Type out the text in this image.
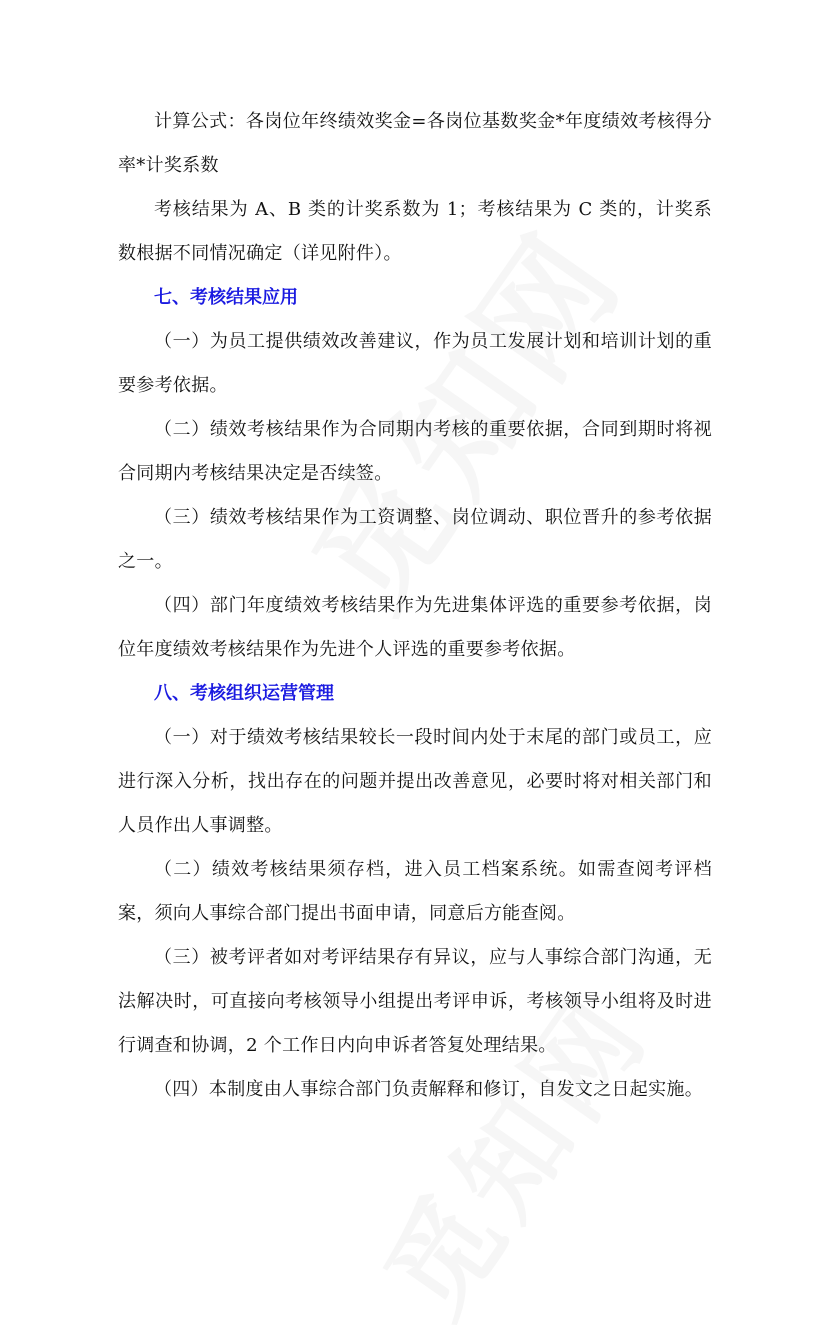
计算公式：各岗位年终绩效奖金=各岗位基数奖金*年度绩效考核得分率*计奖系数

考核结果为 A、B 类的计奖系数为 1；考核结果为 C 类的，计奖系数根据不同情况确定（详见附件）。

七、考核结果应用

（一）为员工提供绩效改善建议，作为员工发展计划和培训计划的重要参考依据。

（二）绩效考核结果作为合同期内考核的重要依据，合同到期时将视合同期内考核结果决定是否续签。

（三）绩效考核结果作为工资调整、岗位调动、职位晋升的参考依据之一。

（四）部门年度绩效考核结果作为先进集体评选的重要参考依据，岗位年度绩效考核结果作为先进个人评选的重要参考依据。

八、考核组织运营管理

（一）对于绩效考核结果较长一段时间内处于末尾的部门或员工，应进行深入分析，找出存在的问题并提出改善意见，必要时将对相关部门和人员作出人事调整。

（二）绩效考核结果须存档，进入员工档案系统。如需查阅考评档案，须向人事综合部门提出书面申请，同意后方能查阅。

（三）被考评者如对考评结果存有异议，应与人事综合部门沟通，无法解决时，可直接向考核领导小组提出考评申诉，考核领导小组将及时进行调查和协调，2 个工作日内向申诉者答复处理结果。

（四）本制度由人事综合部门负责解释和修订，自发文之日起实施。
